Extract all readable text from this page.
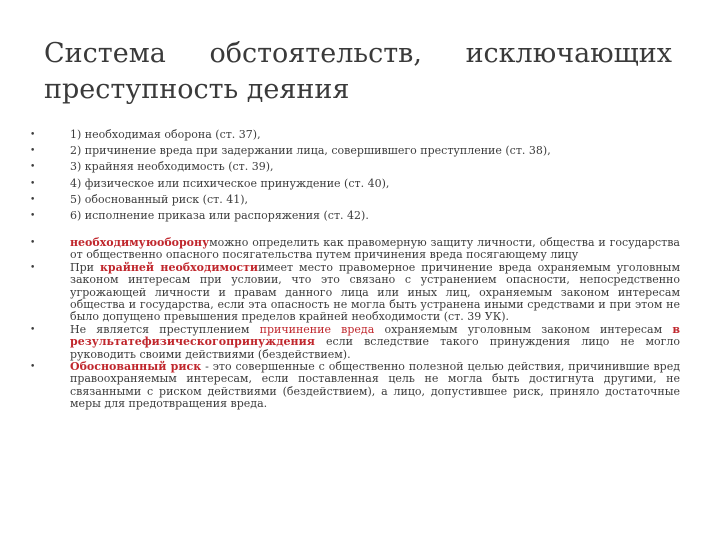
Система обстоятельств, исключающих преступность деяния
•	1) необходимая оборона (ст. 37),
•	2) причинение вреда при задержании лица, совершившего преступление (ст. 38),
•	3) крайняя необходимость (ст. 39),
•	4) физическое или психическое принуждение (ст. 40),
•	5) обоснованный риск (ст. 41),
•	6) исполнение приказа или распоряжения (ст. 42).
•	необходимуюоборонуможно определить как правомерную защиту личности, общества и государства от общественно опасного посягательства путем причинения вреда посягающему лицу
•	При крайней необходимостиимеет место правомерное причинение вреда охраняемым уголовным законом интересам при условии, что это связано с устранением опасности, непосредственно угрожающей личности и правам данного лица или иных лиц, охраняемым законом интересам общества и государства, если эта опасность не могла быть устранена иными средствами и при этом не было допущено превышения пределов крайней необходимости (ст. 39 УК).
•	Не является преступлением причинение вреда охраняемым уголовным законом интересам в результатефизическогопринуждения если вследствие такого принуждения лицо не могло руководить своими действиями (бездействием).
•	Обоснованный риск - это совершенные с общественно полезной целью действия, причинившие вред правоохраняемым интересам, если поставленная цель не могла быть достигнута другими, не связанными с риском действиями (бездействием), а лицо, допустившее риск, приняло достаточные меры для предотвращения вреда.
